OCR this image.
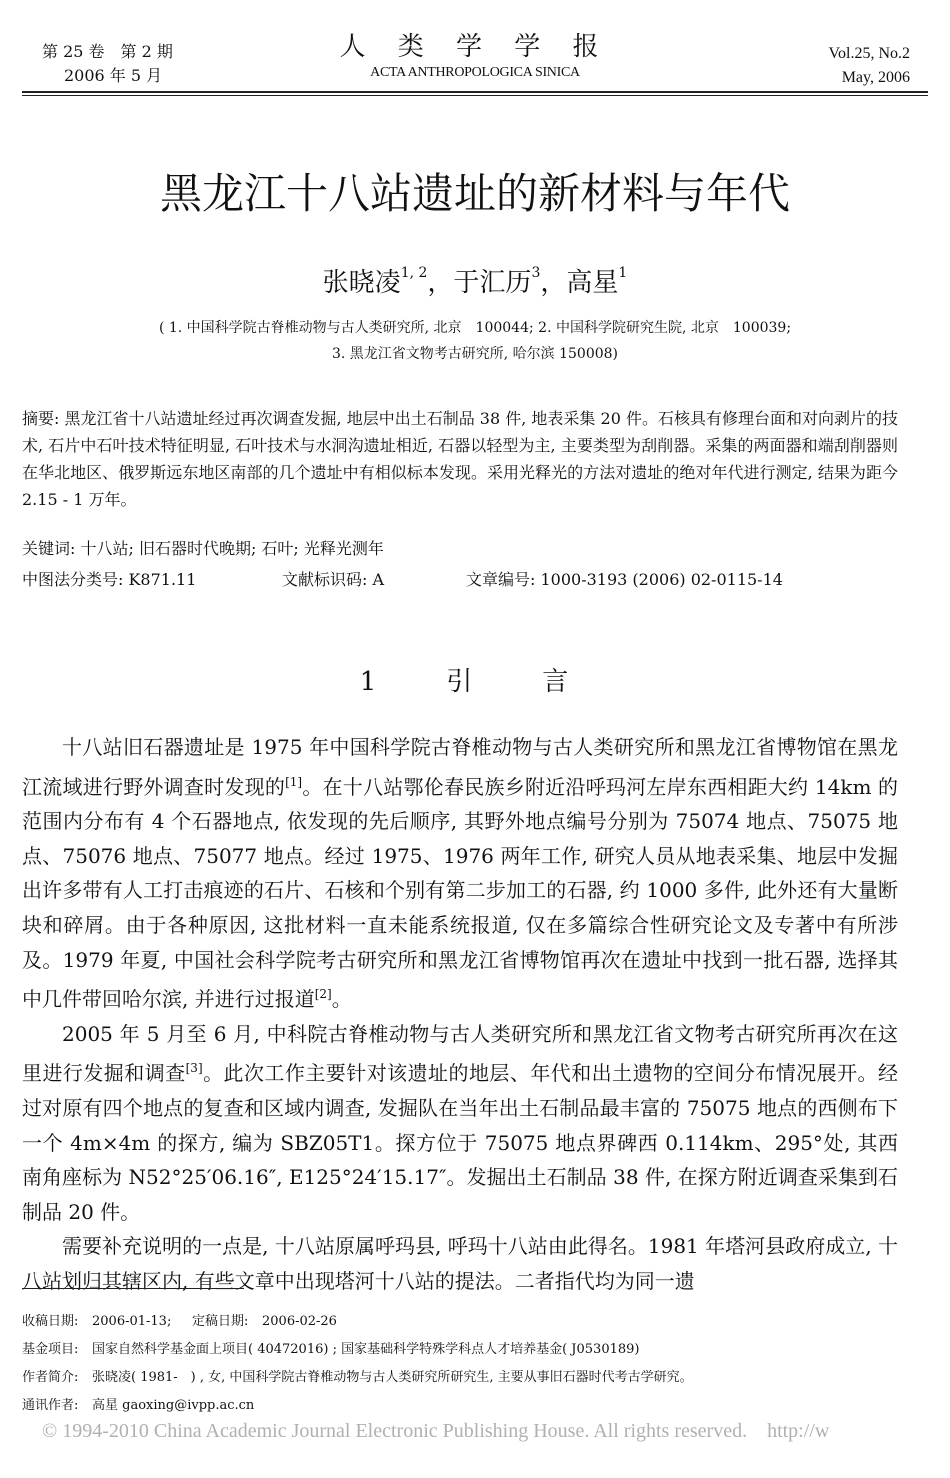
第 25 卷　第 2 期
2006 年 5 月
人 类 学 学 报
ACTA ANTHROPOLOGICA SINICA
Vol.25, No.2
May, 2006
黑龙江十八站遗址的新材料与年代
张晓凌$^{1, 2}$，于汇历$^3$，高星$^1$
( 1. 中国科学院古脊椎动物与古人类研究所, 北京　100044; 2. 中国科学院研究生院, 北京　100039;
3. 黑龙江省文物考古研究所, 哈尔滨 150008)
摘要: 黑龙江省十八站遗址经过再次调查发掘, 地层中出土石制品 38 件, 地表采集 20 件。石核具有修理台面和对向剥片的技术, 石片中石叶技术特征明显, 石叶技术与水洞沟遗址相近, 石器以轻型为主, 主要类型为刮削器。采集的两面器和端刮削器则在华北地区、俄罗斯远东地区南部的几个遗址中有相似标本发现。采用光释光的方法对遗址的绝对年代进行测定, 结果为距今 2.15 - 1 万年。
关键词: 十八站; 旧石器时代晚期; 石叶; 光释光测年
中图法分类号: K871.11	文献标识码: A	文章编号: 1000-3193 (2006) 02-0115-14
1　引　言

十八站旧石器遗址是 1975 年中国科学院古脊椎动物与古人类研究所和黑龙江省博物馆在黑龙江流域进行野外调查时发现的[1]。在十八站鄂伦春民族乡附近沿呼玛河左岸东西相距大约 14km 的范围内分布有 4 个石器地点, 依发现的先后顺序, 其野外地点编号分别为 75074 地点、75075 地点、75076 地点、75077 地点。经过 1975、1976 两年工作, 研究人员从地表采集、地层中发掘出许多带有人工打击痕迹的石片、石核和个别有第二步加工的石器, 约 1000 多件, 此外还有大量断块和碎屑。由于各种原因, 这批材料一直未能系统报道, 仅在多篇综合性研究论文及专著中有所涉及。1979 年夏, 中国社会科学院考古研究所和黑龙江省博物馆再次在遗址中找到一批石器, 选择其中几件带回哈尔滨, 并进行过报道[2]。

2005 年 5 月至 6 月, 中科院古脊椎动物与古人类研究所和黑龙江省文物考古研究所再次在这里进行发掘和调查[3]。此次工作主要针对该遗址的地层、年代和出土遗物的空间分布情况展开。经过对原有四个地点的复查和区域内调查, 发掘队在当年出土石制品最丰富的 75075 地点的西侧布下一个 4m×4m 的探方, 编为 SBZ05T1。探方位于 75075 地点界碑西 0.114km、295°处, 其西南角座标为 N52°25′06.16″, E125°24′15.17″。发掘出土石制品 38 件, 在探方附近调查采集到石制品 20 件。

需要补充说明的一点是, 十八站原属呼玛县, 呼玛十八站由此得名。1981 年塔河县政府成立, 十八站划归其辖区内, 有些文章中出现塔河十八站的提法。二者指代均为同一遗

收稿日期: 2006-01-13; 定稿日期: 2006-02-26
基金项目: 国家自然科学基金面上项目( 40472016) ; 国家基础科学特殊学科点人才培养基金( J0530189)
作者简介: 张晓凌( 1981-　) , 女, 中国科学院古脊椎动物与古人类研究所研究生, 主要从事旧石器时代考古学研究。
通讯作者: 高星 gaoxing@ivpp.ac.cn
© 1994-2010 China Academic Journal Electronic Publishing House. All rights reserved.　http://w
